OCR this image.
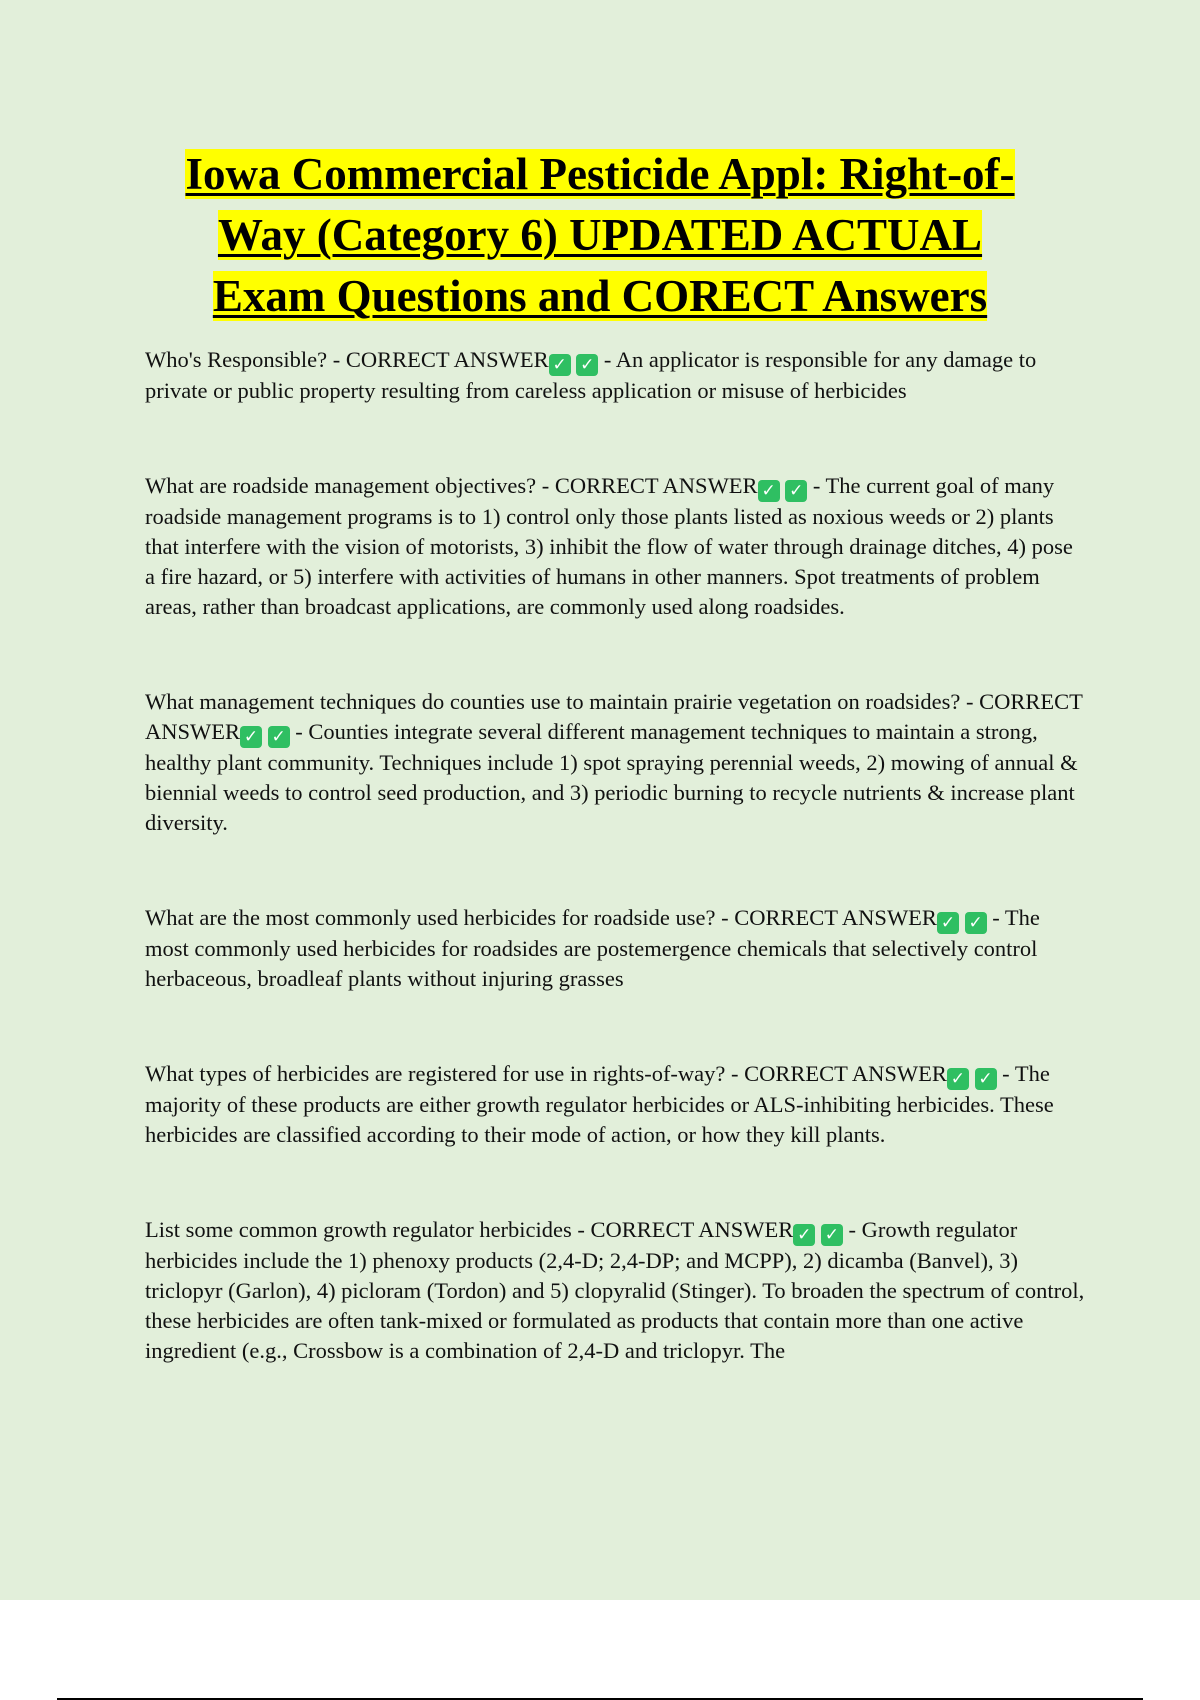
Iowa Commercial Pesticide Appl: Right-of-
Way (Category 6) UPDATED ACTUAL
Exam Questions and CORECT Answers

Who's Responsible? - CORRECT ANSWER ✓ ✓ - An applicator is responsible for any damage to private or public property resulting from careless application or misuse of herbicides

What are roadside management objectives? - CORRECT ANSWER ✓ ✓ - The current goal of many roadside management programs is to 1) control only those plants listed as noxious weeds or 2) plants that interfere with the vision of motorists, 3) inhibit the flow of water through drainage ditches, 4) pose a fire hazard, or 5) interfere with activities of humans in other manners. Spot treatments of problem areas, rather than broadcast applications, are commonly used along roadsides.

What management techniques do counties use to maintain prairie vegetation on roadsides? - CORRECT ANSWER ✓ ✓ - Counties integrate several different management techniques to maintain a strong, healthy plant community. Techniques include 1) spot spraying perennial weeds, 2) mowing of annual & biennial weeds to control seed production, and 3) periodic burning to recycle nutrients & increase plant diversity.

What are the most commonly used herbicides for roadside use? - CORRECT ANSWER ✓ ✓ - The most commonly used herbicides for roadsides are postemergence chemicals that selectively control herbaceous, broadleaf plants without injuring grasses

What types of herbicides are registered for use in rights-of-way? - CORRECT ANSWER ✓ ✓ - The majority of these products are either growth regulator herbicides or ALS-inhibiting herbicides. These herbicides are classified according to their mode of action, or how they kill plants.

List some common growth regulator herbicides - CORRECT ANSWER ✓ ✓ - Growth regulator herbicides include the 1) phenoxy products (2,4-D; 2,4-DP; and MCPP), 2) dicamba (Banvel), 3) triclopyr (Garlon), 4) picloram (Tordon) and 5) clopyralid (Stinger). To broaden the spectrum of control, these herbicides are often tank-mixed or formulated as products that contain more than one active ingredient (e.g., Crossbow is a combination of 2,4-D and triclopyr. The
